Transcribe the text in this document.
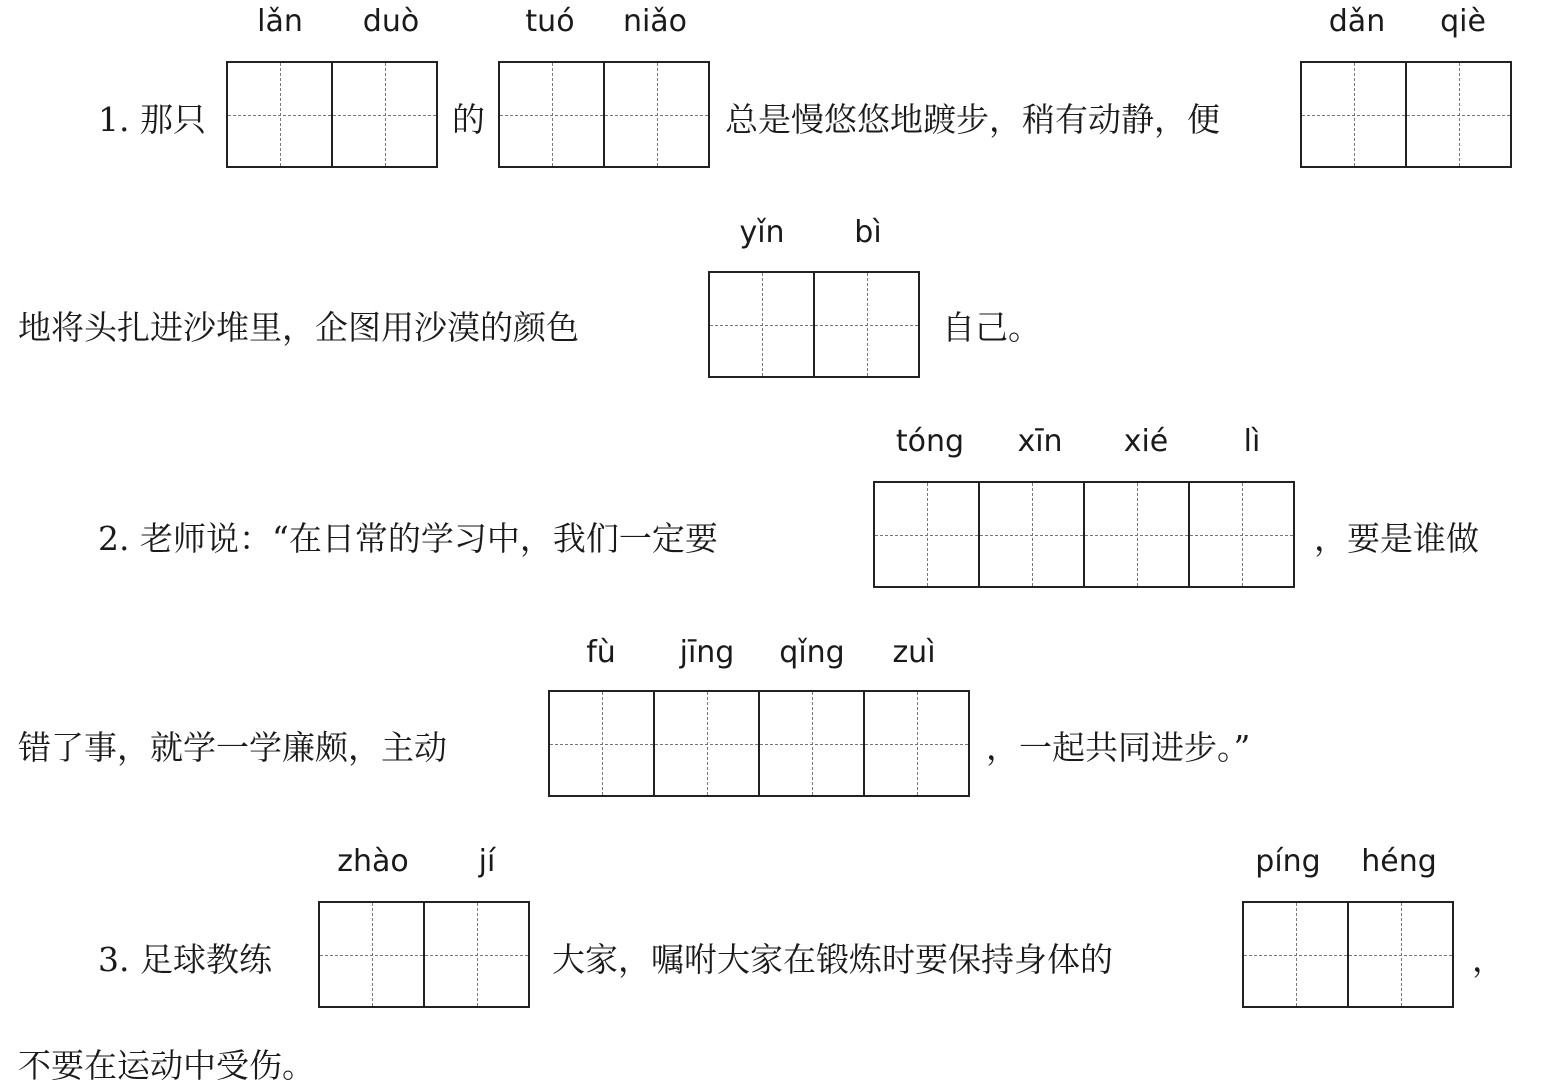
1. 那只
lǎn	duò
的
tuó	niǎo
总是慢悠悠地踱步，稍有动静，便
dǎn	qiè
地将头扎进沙堆里，企图用沙漠的颜色
yǐn	bì
自己。
2. 老师说：“在日常的学习中，我们一定要
tóng	xīn	xié	lì
，要是谁做
错了事，就学一学廉颇，主动
fù	jīng	qǐng	zuì
，一起共同进步。”
3. 足球教练
zhào	jí
大家，嘱咐大家在锻炼时要保持身体的
píng	héng
，
不要在运动中受伤。
